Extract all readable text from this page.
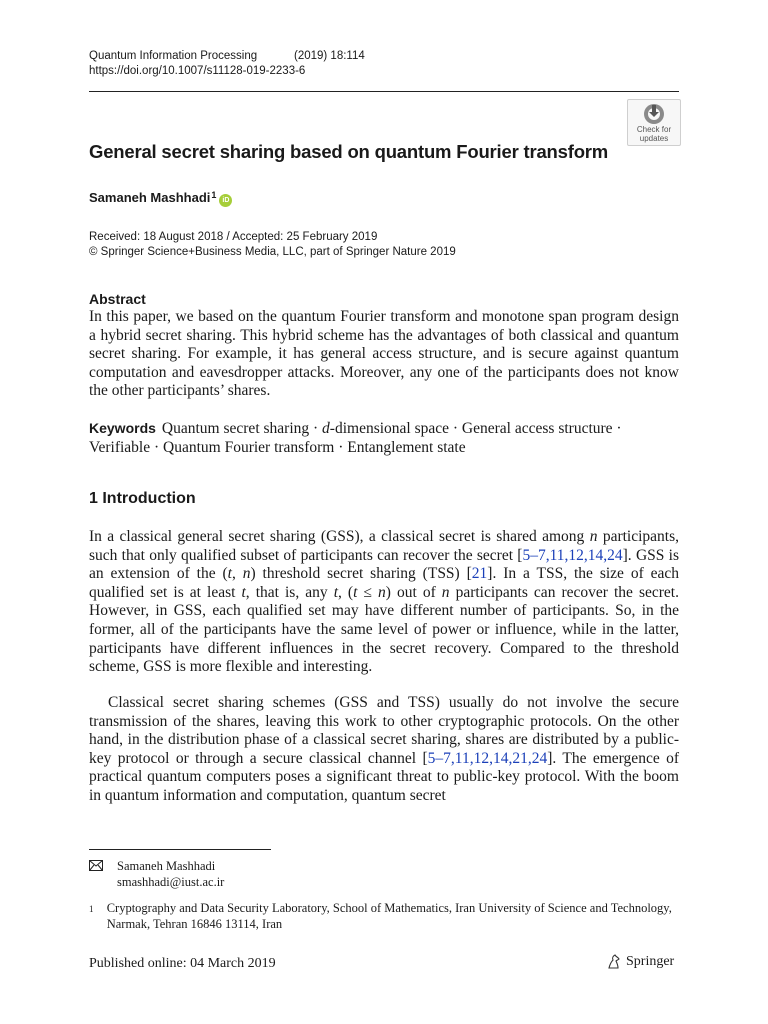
Quantum Information Processing	(2019) 18:114
https://doi.org/10.1007/s11128-019-2233-6
Check for
updates
General secret sharing based on quantum Fourier transform
Samaneh Mashhadi 1
iD
Received: 18 August 2018 / Accepted: 25 February 2019
© Springer Science+Business Media, LLC, part of Springer Nature 2019
Abstract
In this paper, we based on the quantum Fourier transform and monotone span program design a hybrid secret sharing. This hybrid scheme has the advantages of both classical and quantum secret sharing. For example, it has general access structure, and is secure against quantum computation and eavesdropper attacks. Moreover, any one of the participants does not know the other participants’ shares.
Keywords Quantum secret sharing · d-dimensional space · General access structure · Verifiable · Quantum Fourier transform · Entanglement state
1 Introduction
In a classical general secret sharing (GSS), a classical secret is shared among n participants, such that only qualified subset of participants can recover the secret [5–7,11,12,14,24]. GSS is an extension of the (t, n) threshold secret sharing (TSS) [21]. In a TSS, the size of each qualified set is at least t, that is, any t, (t ≤ n) out of n participants can recover the secret. However, in GSS, each qualified set may have different number of participants. So, in the former, all of the participants have the same level of power or influence, while in the latter, participants have different influences in the secret recovery. Compared to the threshold scheme, GSS is more flexible and interesting.
Classical secret sharing schemes (GSS and TSS) usually do not involve the secure transmission of the shares, leaving this work to other cryptographic protocols. On the other hand, in the distribution phase of a classical secret sharing, shares are distributed by a public-key protocol or through a secure classical channel [5–7,11,12,14,21,24]. The emergence of practical quantum computers poses a significant threat to public-key protocol. With the boom in quantum information and computation, quantum secret
Samaneh Mashhadi
smashhadi@iust.ac.ir
1	Cryptography and Data Security Laboratory, School of Mathematics, Iran University of Science and Technology, Narmak, Tehran 16846 13114, Iran
Published online: 04 March 2019	Springer
